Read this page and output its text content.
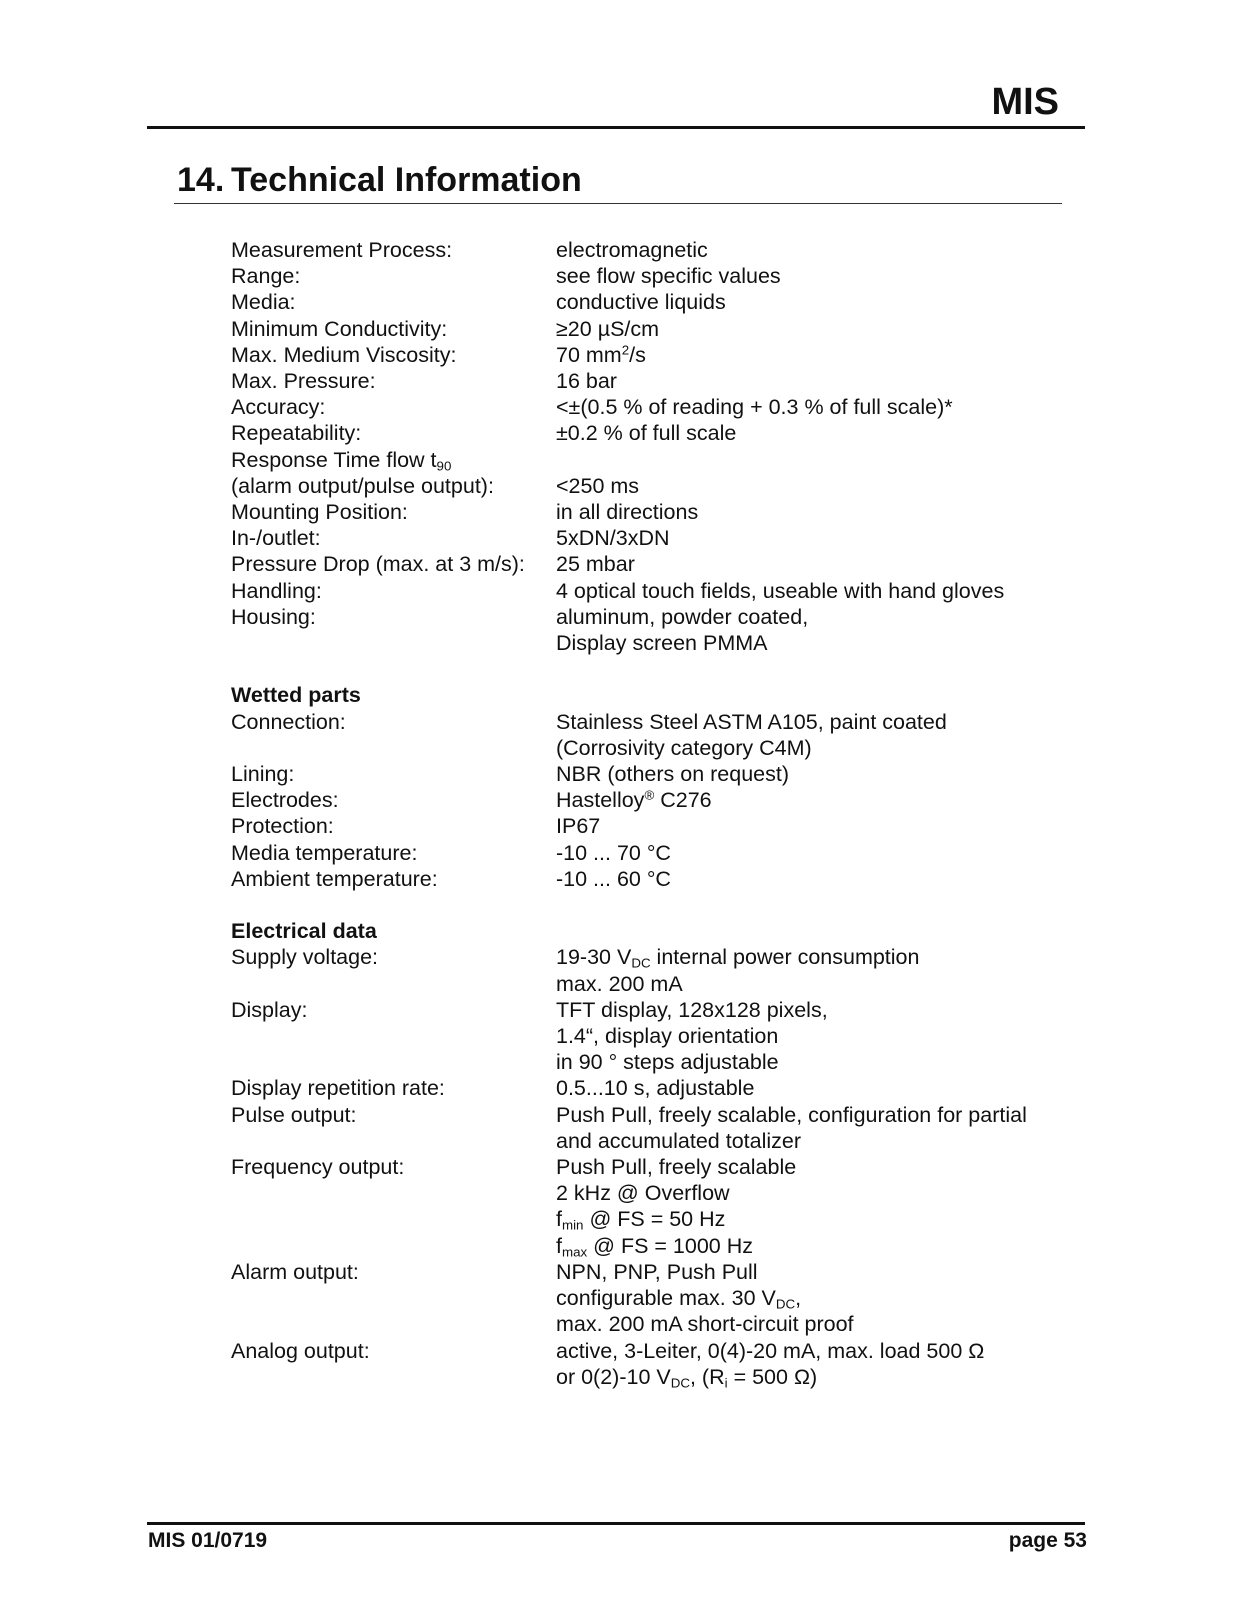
MIS
14. Technical Information
Measurement Process:	electromagnetic
Range:	see flow specific values
Media:	conductive liquids
Minimum Conductivity:	≥20 µS/cm
Max. Medium Viscosity:	70 $mm^2/s$
Max. Pressure:	16 bar
Accuracy:	<±(0.5 % of reading + 0.3 % of full scale)*
Repeatability:	±0.2 % of full scale
Response Time flow $t_{90}$
(alarm output/pulse output):	<250 ms
Mounting Position:	in all directions
In-/outlet:	5xDN/3xDN
Pressure Drop (max. at 3 m/s):	25 mbar
Handling:	4 optical touch fields, useable with hand gloves
Housing:	aluminum, powder coated,
Display screen PMMA
Wetted parts
Connection:	Stainless Steel ASTM A105, paint coated
(Corrosivity category C4M)
Lining:	NBR (others on request)
Electrodes:	Hastelloy® C276
Protection:	IP67
Media temperature:	-10 ... 70 °C
Ambient temperature:	-10 ... 60 °C
Electrical data
Supply voltage:	19-30 $V_{DC}$ internal power consumption
max. 200 mA
Display:	TFT display, 128x128 pixels,
1.4“, display orientation
in 90 ° steps adjustable
Display repetition rate:	0.5...10 s, adjustable
Pulse output:	Push Pull, freely scalable, configuration for partial
and accumulated totalizer
Frequency output:	Push Pull, freely scalable
2 kHz @ Overflow
$f_{min}$ @ FS = 50 Hz
$f_{max}$ @ FS = 1000 Hz
Alarm output:	NPN, PNP, Push Pull
configurable max. 30 $V_{DC}$,
max. 200 mA short-circuit proof
Analog output:	active, 3-Leiter, 0(4)-20 mA, max. load 500 Ω
or 0(2)-10 $V_{DC}$, ($R_i = 500$ Ω)
MIS 01/0719	page 53
